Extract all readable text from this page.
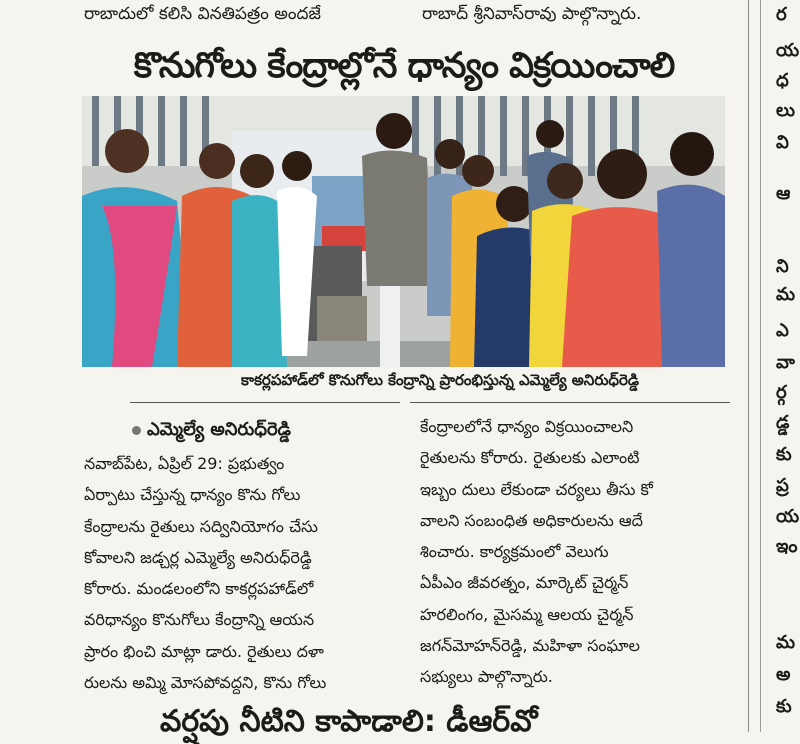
రాబాదులో కలిసి వినతిపత్రం అందజే	రాబాద్ శ్రీనివాస్‌రావు పాల్గొన్నారు.
కొనుగోలు కేంద్రాల్లోనే ధాన్యం విక్రయించాలి
కాకర్లపహాడ్‌లో కొనుగోలు కేంద్రాన్ని ప్రారంభిస్తున్న ఎమ్మెల్యే అనిరుధ్‌రెడ్డి
ఎమ్మెల్యే అనిరుధ్‌రెడ్డి
నవాబ్‌పేట, ఏప్రిల్ 29: ప్రభుత్వం
ఏర్పాటు చేస్తున్న ధాన్యం కొను గోలు
కేంద్రాలను రైతులు సద్వినియోగం చేసు
కోవాలని జడ్చర్ల ఎమ్మెల్యే అనిరుధ్‌రెడ్డి
కోరారు. మండలంలోని కాకర్లపహాడ్‌లో
వరిధాన్యం కొనుగోలు కేంద్రాన్ని ఆయన
ప్రారం భించి మాట్లా డారు. రైతులు దళా
రులను అమ్మి మోసపోవద్దని, కొను గోలు
కేంద్రాలలోనే ధాన్యం విక్రయించాలని
రైతులను కోరారు. రైతులకు ఎలాంటి
ఇబ్బం దులు లేకుండా చర్యలు తీసు కో
వాలని సంబంధిత అధికారులను ఆదే
శించారు. కార్యక్రమంలో వెలుగు
ఏపీఎం జీవరత్నం, మార్కెట్ చైర్మన్
హరలింగం, మైసమ్మ ఆలయ చైర్మన్
జగన్‌మోహన్‌రెడ్డి, మహిళా సంఘాల
సభ్యులు పాల్గొన్నారు.
వర్షపు నీటిని కాపాడాలి: డీఆర్‌వో
ర
య
ధ
లు
వి
ఆ
ని
మ
ఎ
వా
ర్గ
డ్డ
కు
ప్ర
య
ఇం
మ
అ
కు
